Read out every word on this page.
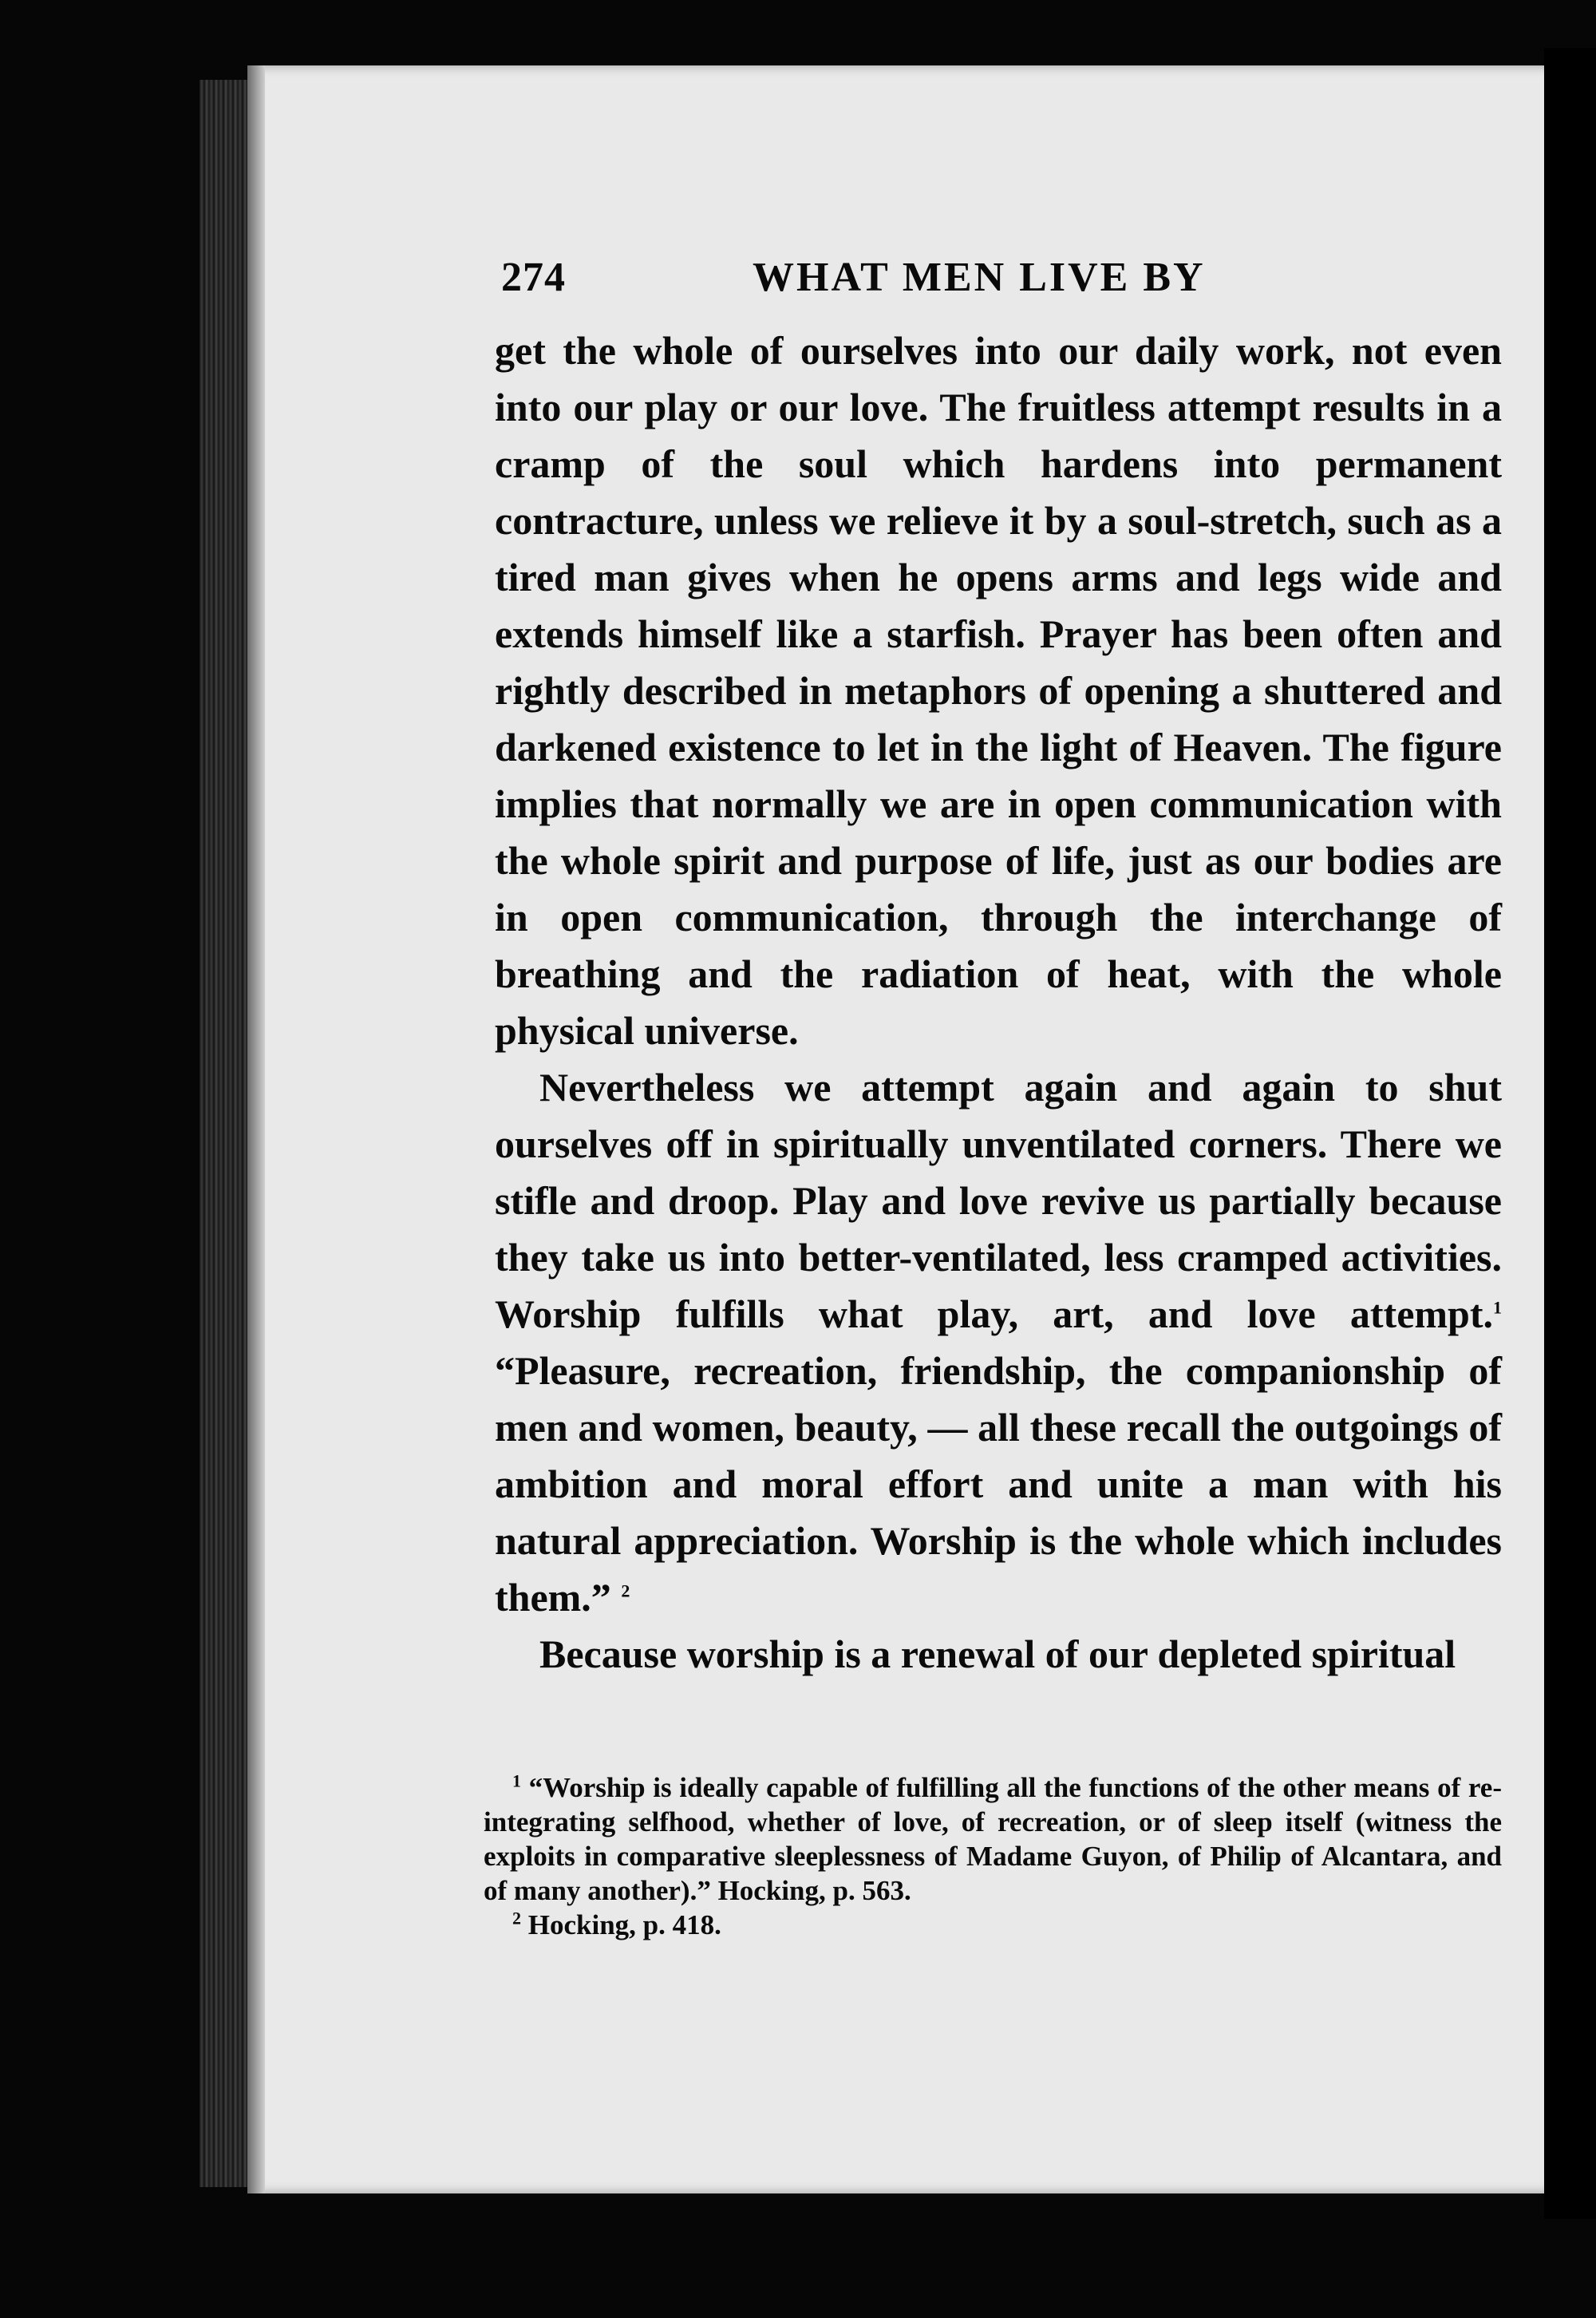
274	WHAT MEN LIVE BY

get the whole of ourselves into our daily work, not even into our play or our love. The fruitless attempt results in a cramp of the soul which hardens into permanent contracture, unless we relieve it by a soul-stretch, such as a tired man gives when he opens arms and legs wide and extends himself like a starfish. Prayer has been often and rightly described in metaphors of opening a shuttered and darkened existence to let in the light of Heaven. The figure implies that normally we are in open communication with the whole spirit and purpose of life, just as our bodies are in open communication, through the interchange of breathing and the radiation of heat, with the whole physical universe.

Nevertheless we attempt again and again to shut ourselves off in spiritually unventilated corners. There we stifle and droop. Play and love revive us partially because they take us into better-ventilated, less cramped activities. Worship fulfills what play, art, and love attempt.$^1$ “Pleasure, recreation, friendship, the companionship of men and women, beauty, — all these recall the outgoings of ambition and moral effort and unite a man with his natural appreciation. Worship is the whole which includes them.” $^2$

Because worship is a renewal of our depleted spiritual

$^1$ “Worship is ideally capable of fulfilling all the functions of the other means of re-integrating selfhood, whether of love, of recreation, or of sleep itself (witness the exploits in comparative sleeplessness of Madame Guyon, of Philip of Alcantara, and of many another).” Hocking, p. 563.

$^2$ Hocking, p. 418.
